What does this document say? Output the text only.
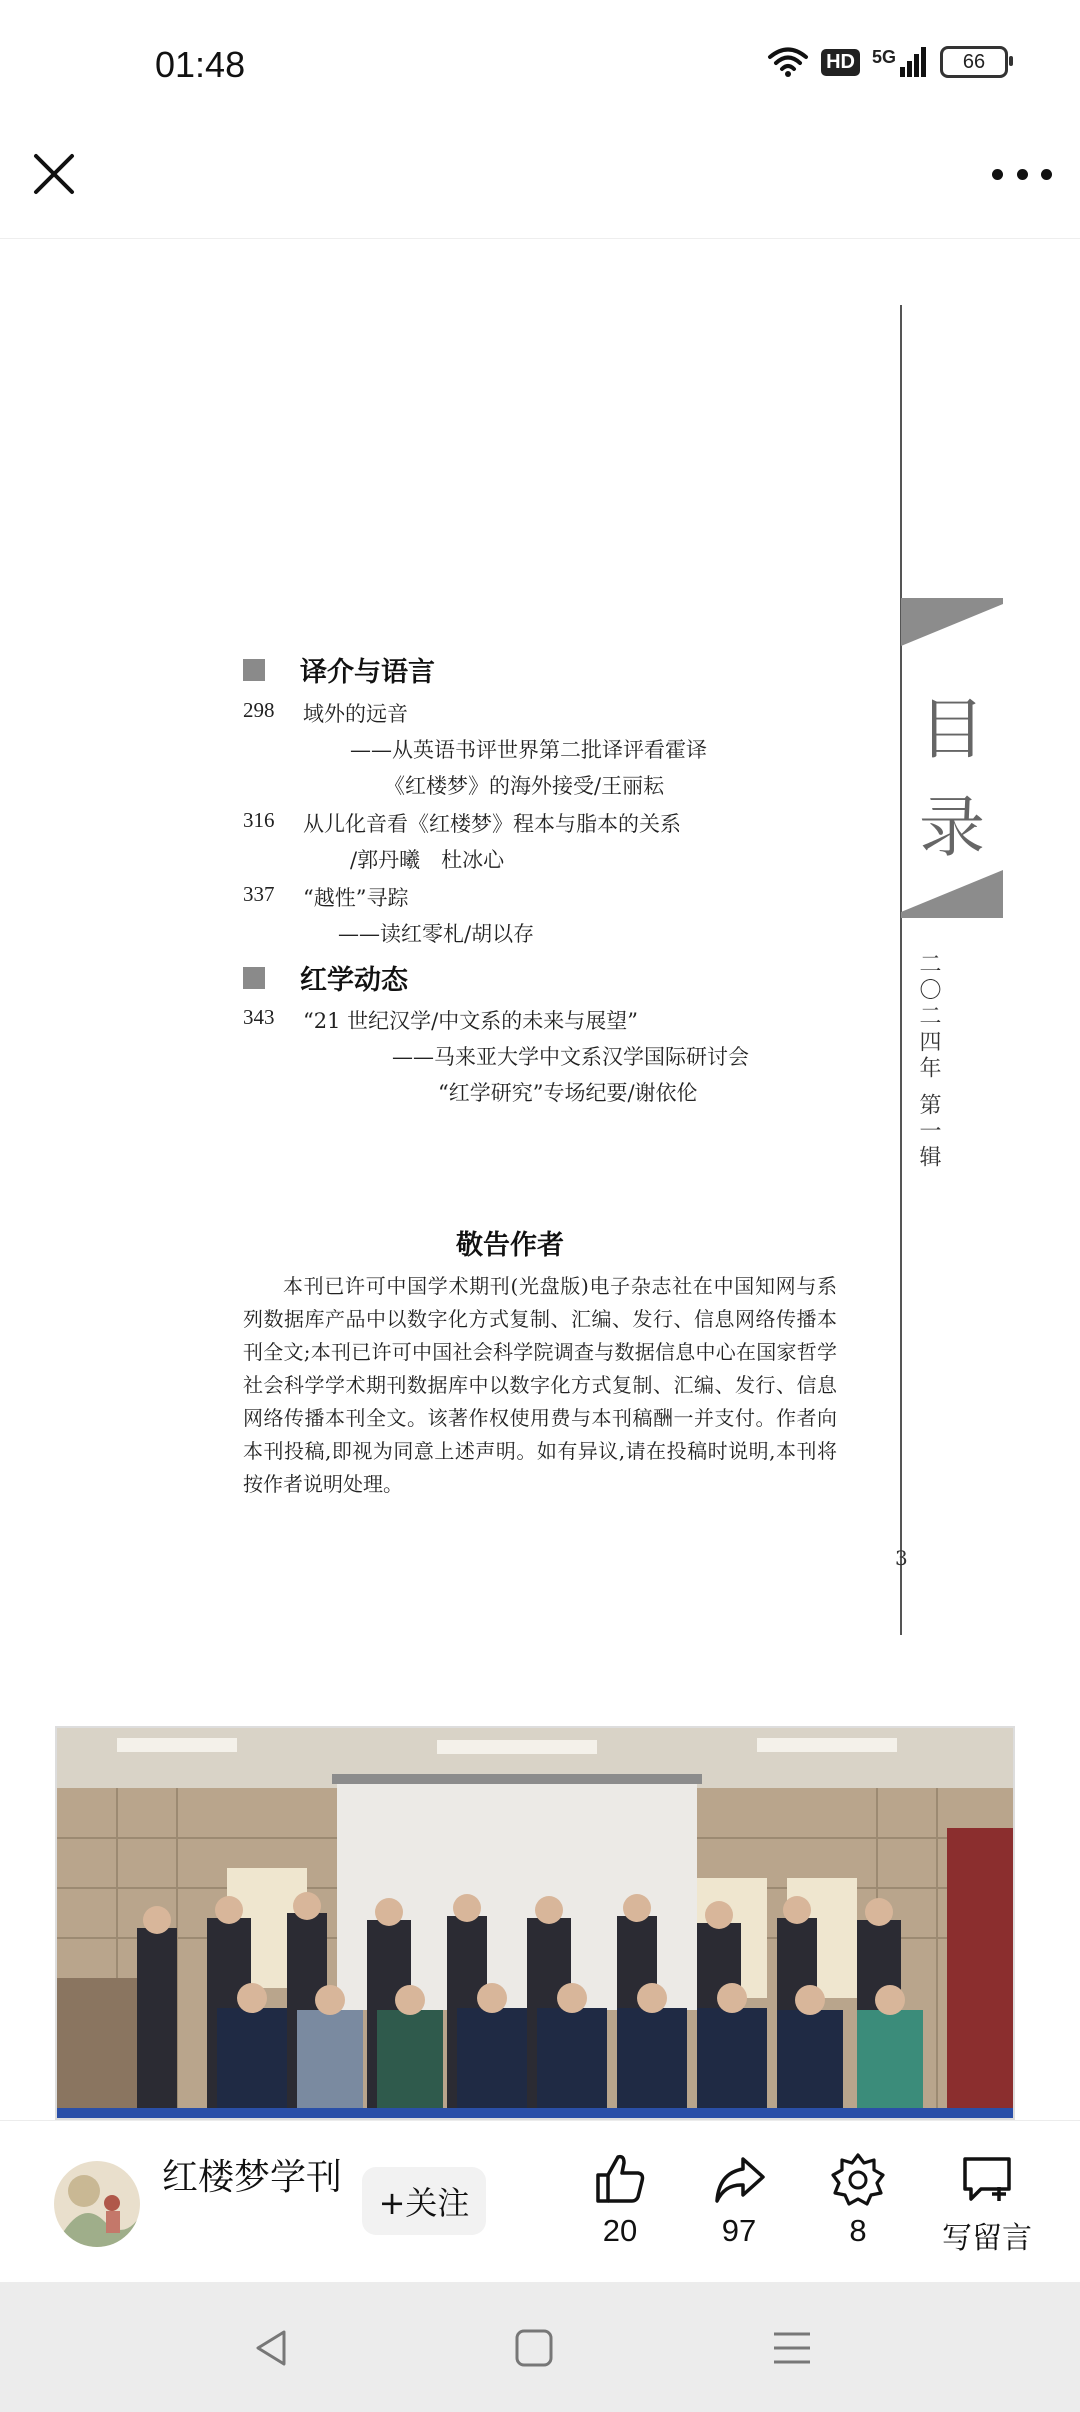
01:48	HD 5G	66
目
录
二〇二四年 第一辑
译介与语言
298 域外的远音
——从英语书评世界第二批译评看霍译
《红楼梦》的海外接受/王丽耘
316 从儿化音看《红楼梦》程本与脂本的关系
/郭丹曦　杜冰心
337 “越性”寻踪
——读红零札/胡以存
红学动态
343 “21 世纪汉学/中文系的未来与展望”
——马来亚大学中文系汉学国际研讨会
“红学研究”专场纪要/谢依伦
敬告作者
本刊已许可中国学术期刊(光盘版)电子杂志社在中国知网与系列数据库产品中以数字化方式复制、汇编、发行、信息网络传播本刊全文;本刊已许可中国社会科学院调查与数据信息中心在国家哲学社会科学学术期刊数据库中以数字化方式复制、汇编、发行、信息网络传播本刊全文。该著作权使用费与本刊稿酬一并支付。作者向本刊投稿,即视为同意上述声明。如有异议,请在投稿时说明,本刊将按作者说明处理。
3
红楼梦学刊
+关注
20	97	8	写留言
